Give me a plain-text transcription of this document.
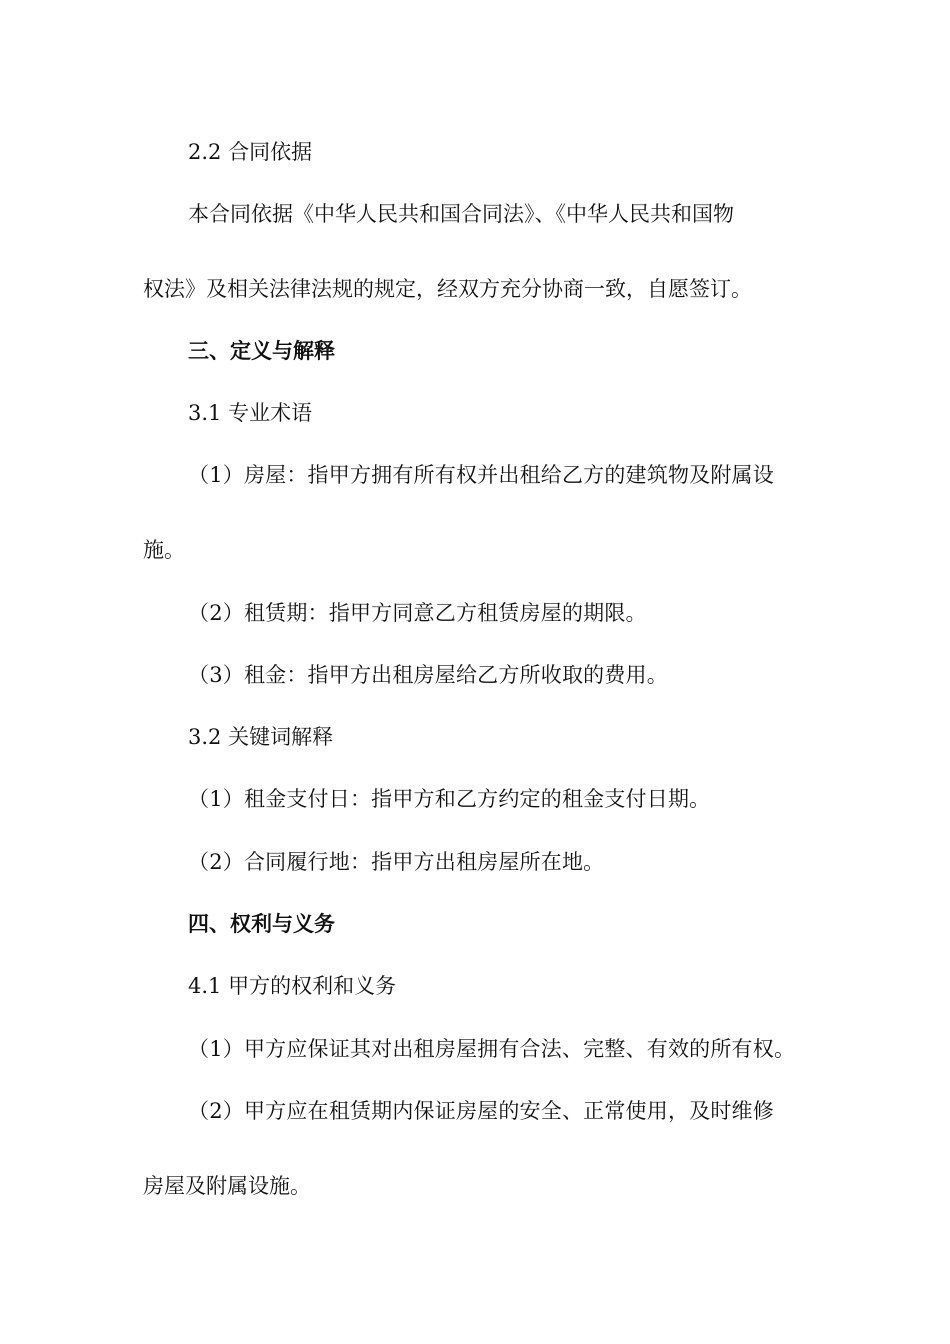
2.2 合同依据
本合同依据《中华人民共和国合同法》、《中华人民共和国物
权法》及相关法律法规的规定，经双方充分协商一致，自愿签订。
三、定义与解释
3.1 专业术语
（1）房屋：指甲方拥有所有权并出租给乙方的建筑物及附属设
施。
（2）租赁期：指甲方同意乙方租赁房屋的期限。
（3）租金：指甲方出租房屋给乙方所收取的费用。
3.2 关键词解释
（1）租金支付日：指甲方和乙方约定的租金支付日期。
（2）合同履行地：指甲方出租房屋所在地。
四、权利与义务
4.1 甲方的权利和义务
（1）甲方应保证其对出租房屋拥有合法、完整、有效的所有权。
（2）甲方应在租赁期内保证房屋的安全、正常使用，及时维修
房屋及附属设施。
